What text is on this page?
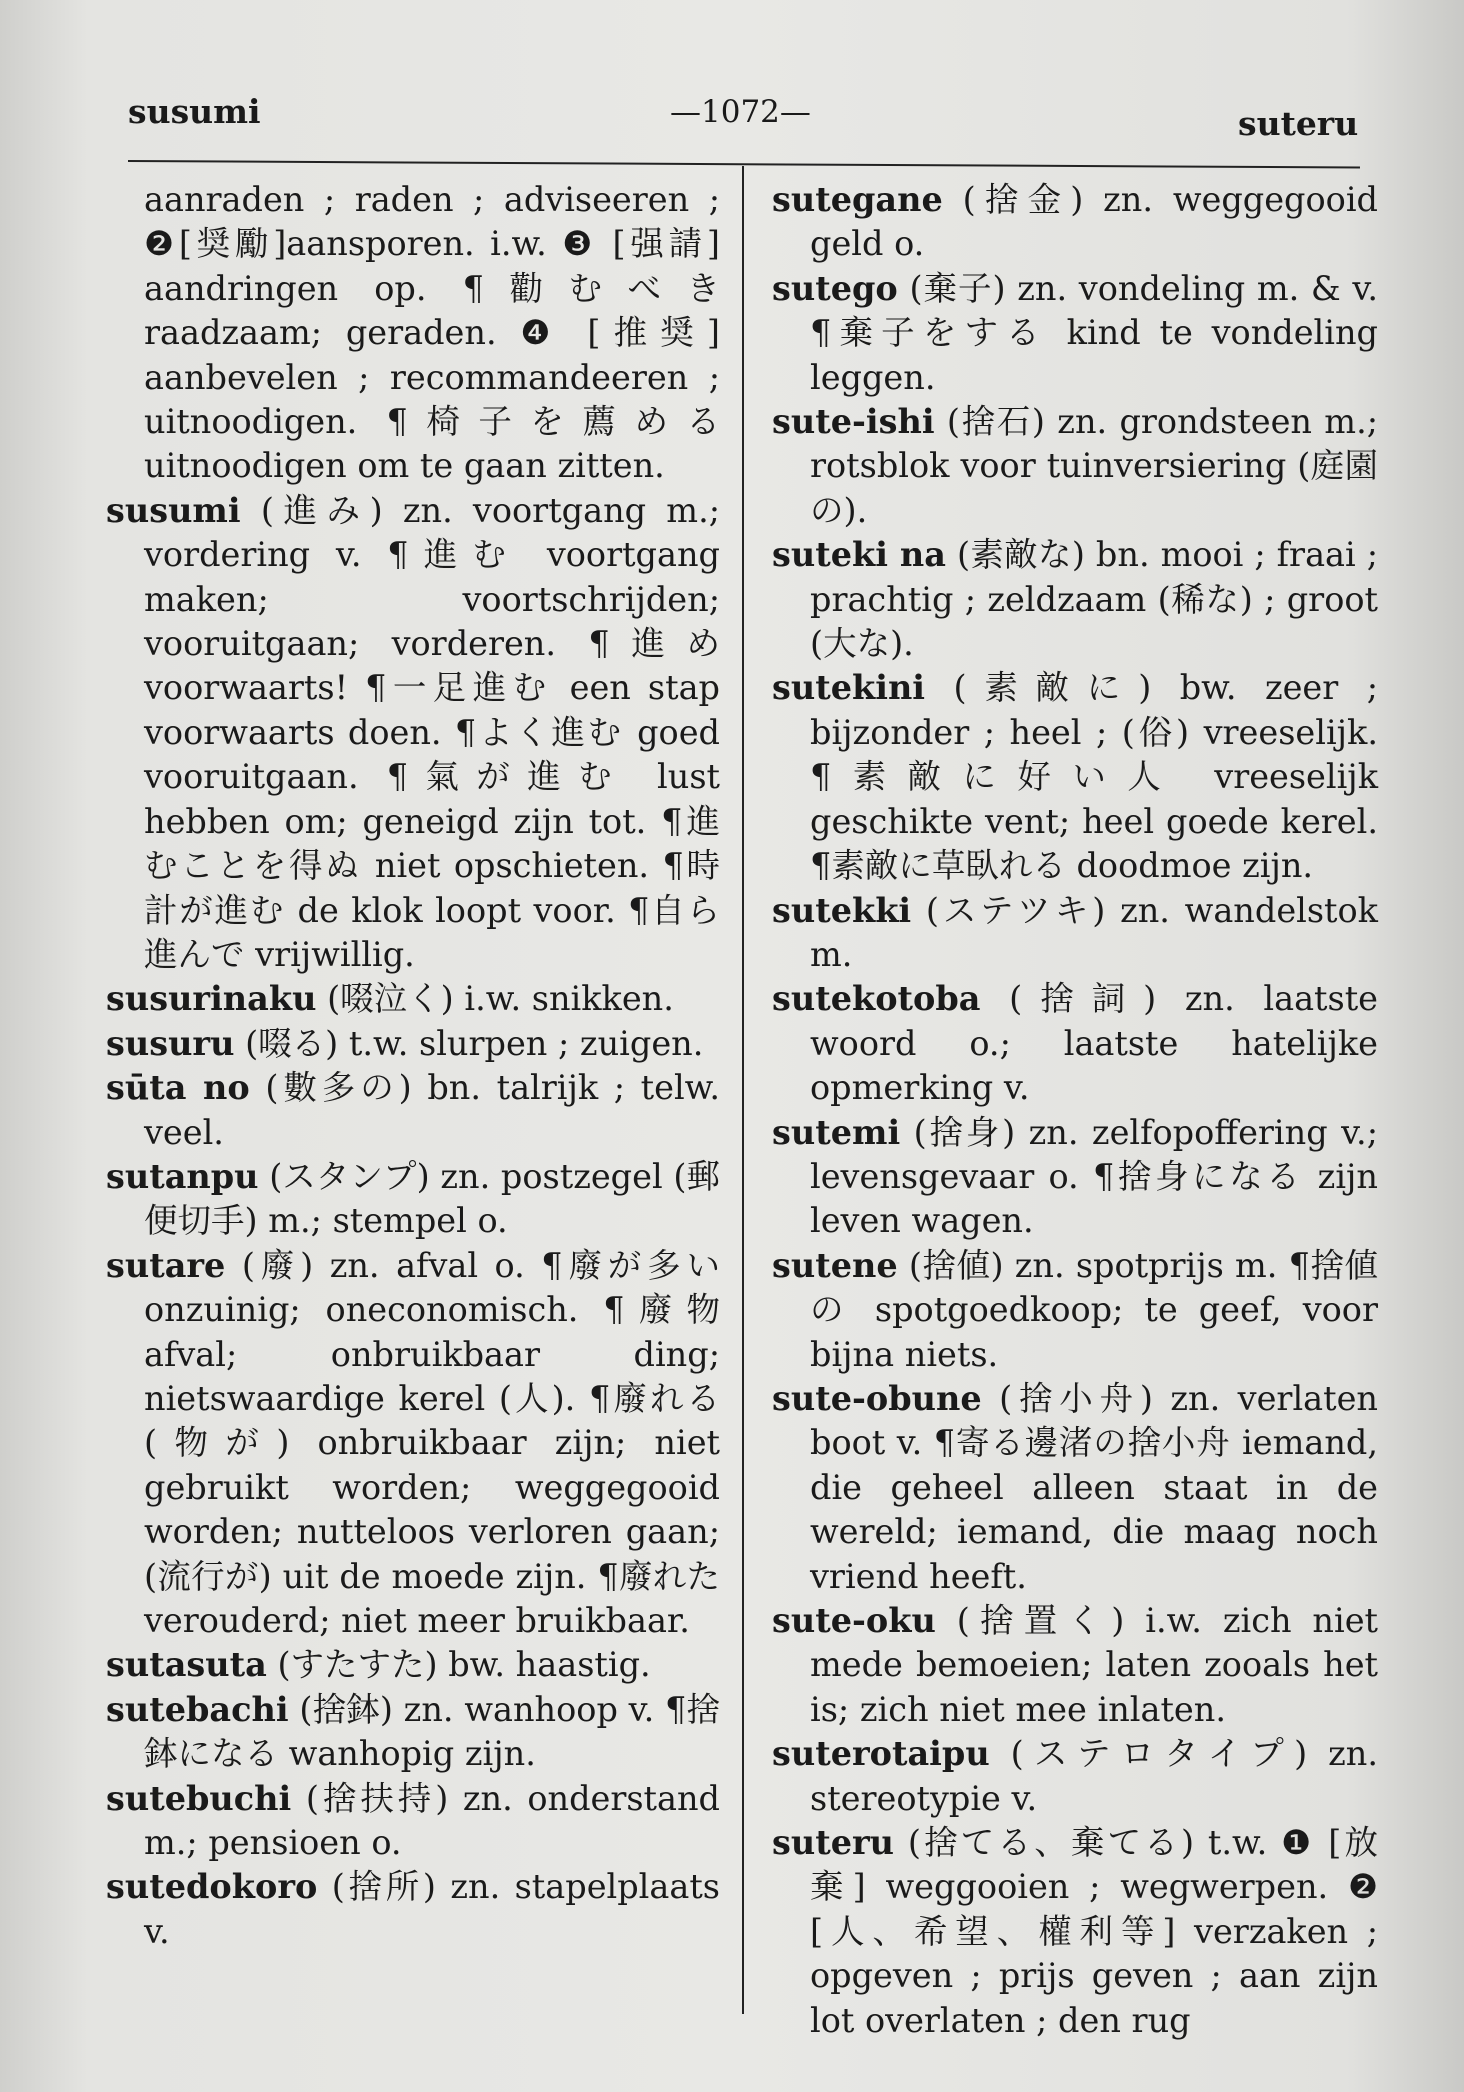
susumi	—1072—	suteru

aanraden ; raden ; adviseeren ; ❷[奨勵]aansporen. i.w. ❸ [强請] aandringen op. ¶勸むべき raadzaam; geraden. ❹ [推奨] aanbevelen ; recommandeeren ; uitnoodigen. ¶椅子を薦める uitnoodigen om te gaan zitten.

susumi (進み) zn. voortgang m.; vordering v. ¶進む voortgang maken; voortschrijden; vooruitgaan; vorderen. ¶進め voorwaarts! ¶一足進む een stap voorwaarts doen. ¶よく進む goed vooruitgaan. ¶氣が進む lust hebben om; geneigd zijn tot. ¶進むことを得ぬ niet opschieten. ¶時計が進む de klok loopt voor. ¶自ら進んで vrijwillig.

susurinaku (啜泣く) i.w. snikken.

susuru (啜る) t.w. slurpen ; zuigen.

sūta no (數多の) bn. talrijk ; telw. veel.

sutanpu (スタンプ) zn. postzegel (郵便切手) m.; stempel o.

sutare (廢) zn. afval o. ¶廢が多い onzuinig; oneconomisch. ¶廢物 afval; onbruikbaar ding; nietswaardige kerel (人). ¶廢れる (物が) onbruikbaar zijn; niet gebruikt worden; weggegooid worden; nutteloos verloren gaan; (流行が) uit de moede zijn. ¶廢れた verouderd; niet meer bruikbaar.

sutasuta (すたすた) bw. haastig.

sutebachi (捨鉢) zn. wanhoop v. ¶捨鉢になる wanhopig zijn.

sutebuchi (捨扶持) zn. onderstand m.; pensioen o.

sutedokoro (捨所) zn. stapelplaats v.

sutegane (捨金) zn. weggegooid geld o.

sutego (棄子) zn. vondeling m. & v. ¶棄子をする kind te vondeling leggen.

sute-ishi (捨石) zn. grondsteen m.; rotsblok voor tuinversiering (庭園の).

suteki na (素敵な) bn. mooi ; fraai ; prachtig ; zeldzaam (稀な) ; groot (大な).

sutekini (素敵に) bw. zeer ; bijzonder ; heel ; (俗) vreeselijk. ¶素敵に好い人 vreeselijk geschikte vent; heel goede kerel. ¶素敵に草臥れる doodmoe zijn.

sutekki (ステツキ) zn. wandelstok m.

sutekotoba (捨詞) zn. laatste woord o.; laatste hatelijke opmerking v.

sutemi (捨身) zn. zelfopoffering v.; levensgevaar o. ¶捨身になる zijn leven wagen.

sutene (捨値) zn. spotprijs m. ¶捨値の spotgoedkoop; te geef, voor bijna niets.

sute-obune (捨小舟) zn. verlaten boot v. ¶寄る邊渚の捨小舟 iemand, die geheel alleen staat in de wereld; iemand, die maag noch vriend heeft.

sute-oku (捨置く) i.w. zich niet mede bemoeien; laten zooals het is; zich niet mee inlaten.

suterotaipu (ステロタイプ) zn. stereotypie v.

suteru (捨てる、棄てる) t.w. ❶ [放棄] weggooien ; wegwerpen. ❷ [人、希望、權利等] verzaken ; opgeven ; prijs geven ; aan zijn lot overlaten ; den rug
